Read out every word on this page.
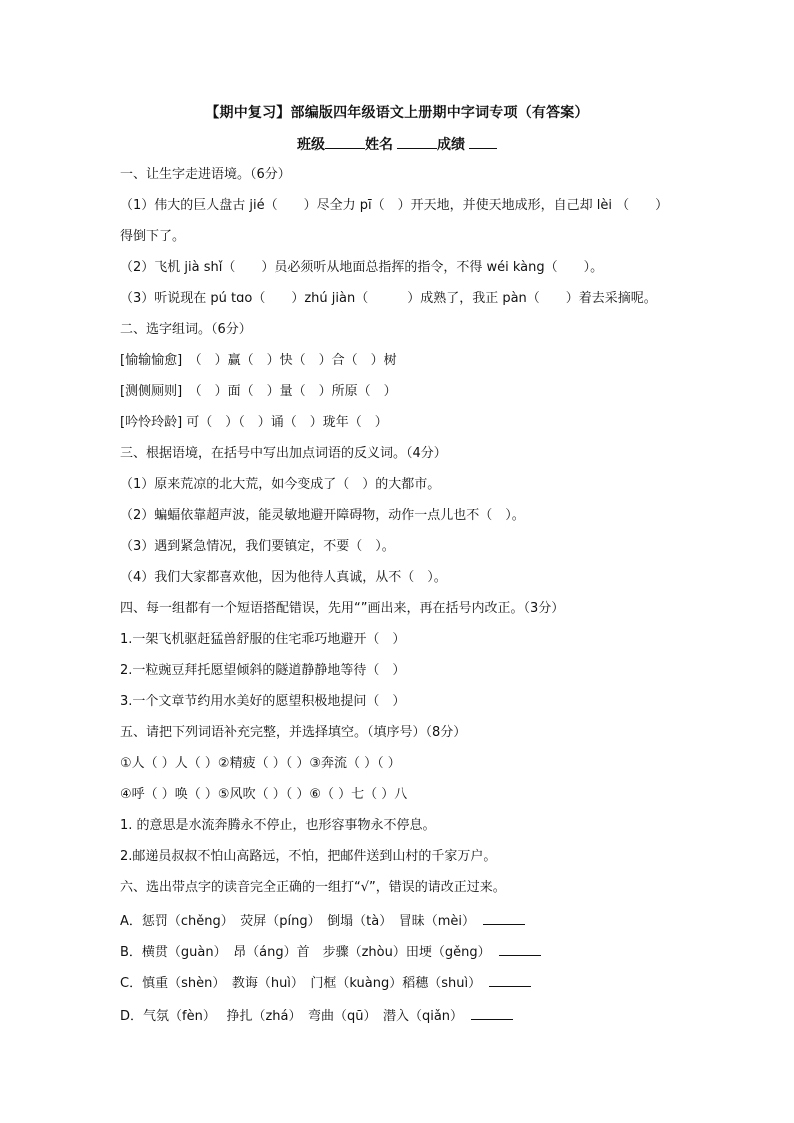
【期中复习】部编版四年级语文上册期中字词专项（有答案）
班级	姓名	成绩
一、让生字走进语境。（6分）
（1）伟大的巨人盘古 jié（　　）尽全力 pī（　）开天地，并使天地成形，自己却 lèi （　　）
得倒下了。
（2）飞机 jià shǐ（　　）员必须听从地面总指挥的指令，不得 wéi kàng（　　）。
（3）听说现在 pú tɑo（　　）zhú jiàn（　　　）成熟了，我正 pàn（　　）着去采摘呢。
二、选字组词。（6分）
[愉输愉愈]　（　）赢（　）快（　）合（　）树
[测侧厕则]　（　）面（　）量（　）所原（　）
[吟怜玲龄] 可（　）（　）诵（　）珑年（　）
三、根据语境，在括号中写出加点词语的反义词。（4分）
（1）原来荒凉的北大荒，如今变成了（　）的大都市。
（2）蝙蝠依靠超声波，能灵敏地避开障碍物，动作一点儿也不（　）。
（3）遇到紧急情况，我们要镇定，不要（　）。
（4）我们大家都喜欢他，因为他待人真诚，从不（　）。
四、每一组都有一个短语搭配错误，先用“”画出来，再在括号内改正。（3分）
1.一架飞机驱赶猛兽舒服的住宅乖巧地避开（　）
2.一粒豌豆拜托愿望倾斜的隧道静静地等待（　）
3.一个文章节约用水美好的愿望积极地提问（　）
五、请把下列词语补充完整，并选择填空。（填序号）（8分）
①人（ ）人（ ）②精疲（ ）（ ）③奔流（ ）（ ）
④呼（ ）唤（ ）⑤风吹（ ）（ ）⑥（ ）七（ ）八
1. 的意思是水流奔腾永不停止，也形容事物永不停息。
2.邮递员叔叔不怕山高路远，不怕，把邮件送到山村的千家万户。
六、选出带点字的读音完全正确的一组打“√”，错误的请改正过来。
A．惩罚（chěng）　荧屏（píng）　倒塌（tà）　冒昧（mèi）
B．横贯（guàn）　昂（áng）首　步骤（zhòu）田埂（gěng）
C．慎重（shèn）　教诲（huì）　门框（kuàng）稻穗（shuì）
D．气氛（fèn）　 挣扎（zhá）　弯曲（qū）　潜入（qiǎn）
